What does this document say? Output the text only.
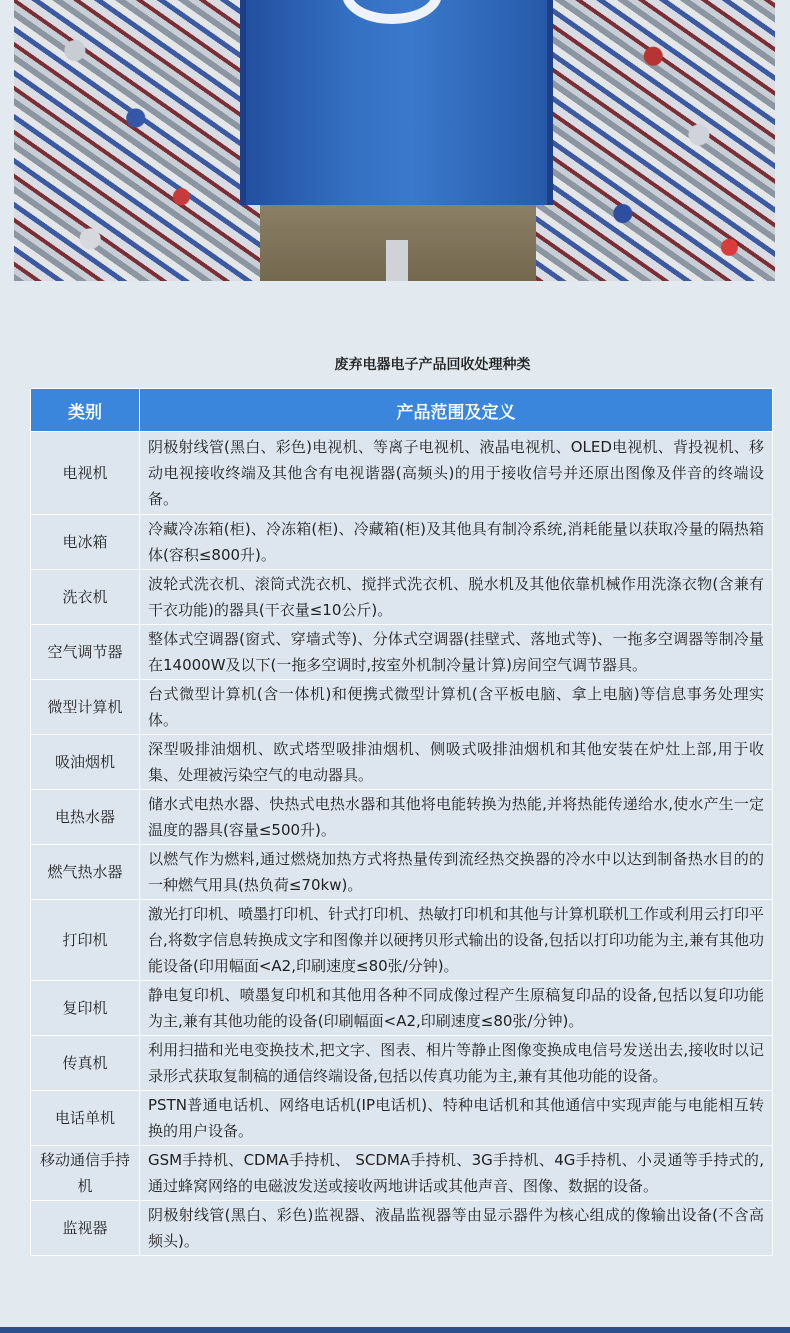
废弃电器电子产品回收处理种类
类别	产品范围及定义
电视机	阴极射线管(黑白、彩色)电视机、等离子电视机、液晶电视机、OLED电视机、背投视机、移动电视接收终端及其他含有电视谐器(高频头)的用于接收信号并还原出图像及伴音的终端设备。
电冰箱	冷藏冷冻箱(柜)、冷冻箱(柜)、冷藏箱(柜)及其他具有制冷系统,消耗能量以获取冷量的隔热箱体(容积≤800升)。
洗衣机	波轮式洗衣机、滚筒式洗衣机、搅拌式洗衣机、脱水机及其他依靠机械作用洗涤衣物(含兼有干衣功能)的器具(干衣量≤10公斤)。
空气调节器	整体式空调器(窗式、穿墙式等)、分体式空调器(挂壁式、落地式等)、一拖多空调器等制冷量在14000W及以下(一拖多空调时,按室外机制冷量计算)房间空气调节器具。
微型计算机	台式微型计算机(含一体机)和便携式微型计算机(含平板电脑、拿上电脑)等信息事务处理实体。
吸油烟机	深型吸排油烟机、欧式塔型吸排油烟机、侧吸式吸排油烟机和其他安装在炉灶上部,用于收集、处理被污染空气的电动器具。
电热水器	储水式电热水器、快热式电热水器和其他将电能转换为热能,并将热能传递给水,使水产生一定温度的器具(容量≤500升)。
燃气热水器	以燃气作为燃料,通过燃烧加热方式将热量传到流经热交换器的冷水中以达到制备热水目的的一种燃气用具(热负荷≤70kw)。
打印机	激光打印机、喷墨打印机、针式打印机、热敏打印机和其他与计算机联机工作或利用云打印平台,将数字信息转换成文字和图像并以硬拷贝形式输出的设备,包括以打印功能为主,兼有其他功能设备(印用幅面<A2,印刷速度≤80张/分钟)。
复印机	静电复印机、喷墨复印机和其他用各种不同成像过程产生原稿复印品的设备,包括以复印功能为主,兼有其他功能的设备(印刷幅面<A2,印刷速度≤80张/分钟)。
传真机	利用扫描和光电变换技术,把文字、图表、相片等静止图像变换成电信号发送出去,接收时以记录形式获取复制稿的通信终端设备,包括以传真功能为主,兼有其他功能的设备。
电话单机	PSTN普通电话机、网络电话机(IP电话机)、特种电话机和其他通信中实现声能与电能相互转换的用户设备。
移动通信手持机	GSM手持机、CDMA手持机、 SCDMA手持机、3G手持机、4G手持机、小灵通等手持式的,通过蜂窝网络的电磁波发送或接收两地讲话或其他声音、图像、数据的设备。
监视器	阴极射线管(黑白、彩色)监视器、液晶监视器等由显示器件为核心组成的像输出设备(不含高频头)。
